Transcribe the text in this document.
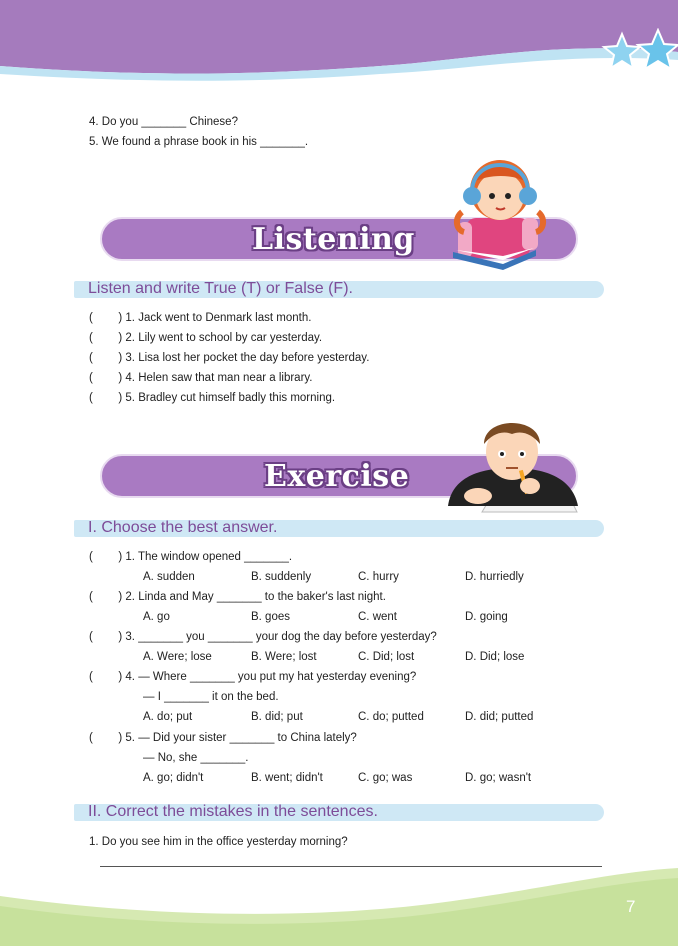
4. Do you _______ Chinese?
5. We found a phrase book in his _______.
Listening
Listen and write True (T) or False (F).
(        ) 1. Jack went to Denmark last month.
(        ) 2. Lily went to school by car yesterday.
(        ) 3. Lisa lost her pocket the day before yesterday.
(        ) 4. Helen saw that man near a library.
(        ) 5. Bradley cut himself badly this morning.
Exercise
I. Choose the best answer.
(        ) 1. The window opened _______.
A. sudden	B. suddenly	C. hurry	D. hurriedly
(        ) 2. Linda and May _______ to the baker's last night.
A. go	B. goes	C. went	D. going
(        ) 3. _______ you _______ your dog the day before yesterday?
A. Were; lose	B. Were; lost	C. Did; lost	D. Did; lose
(        ) 4. — Where _______ you put my hat yesterday evening?
— I _______ it on the bed.
A. do; put	B. did; put	C. do; putted	D. did; putted
(        ) 5. — Did your sister _______ to China lately?
— No, she _______.
A. go; didn't	B. went; didn't	C. go; was	D. go; wasn't
II. Correct the mistakes in the sentences.
1. Do you see him in the office yesterday morning?
7
